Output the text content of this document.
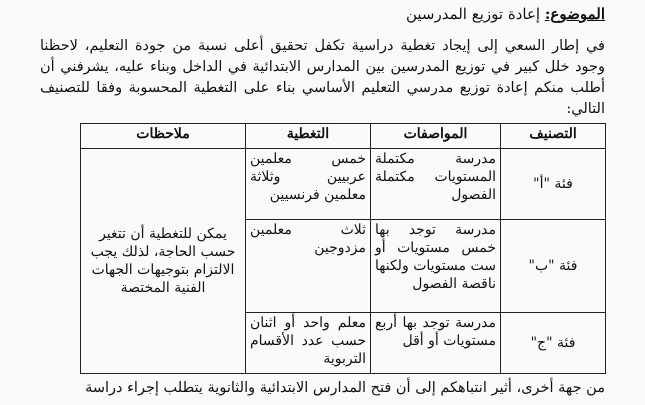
الموضوع: إعادة توزيع المدرسين
في إطار السعي إلى إيجاد تغطية دراسية تكفل تحقيق أعلى نسبة من جودة التعليم، لاحظنا وجود خلل كبير في توزيع المدرسين بين المدارس الابتدائية في الداخل وبناء عليه، يشرفني أن أطلب منكم إعادة توزيع مدرسي التعليم الأساسي بناء على التغطية المحسوبة وفقا للتصنيف التالي:
التصنيف	المواصفات	التغطية	ملاحظات
فئة "أ"	مدرسة مكتملة المستويات مكتملة الفصول	خمس معلمين عربيين وثلاثة معلمين فرنسيين	يمكن للتغطية أن تتغير حسب الحاجة، لذلك يجب الالتزام بتوجيهات الجهات الفنية المختصة
فئة "ب"	مدرسة توجد بها خمس مستويات أو ست مستويات ولكنها ناقصة الفصول	ثلاث معلمين مزدوجين	
فئة "ج"	مدرسة توجد بها أربع مستويات أو أقل	معلم واحد أو اثنان حسب عدد الأقسام التربوية	
من جهة أخرى، أثير انتباهكم إلى أن فتح المدارس الابتدائية والثانوية يتطلب إجراء دراسة
